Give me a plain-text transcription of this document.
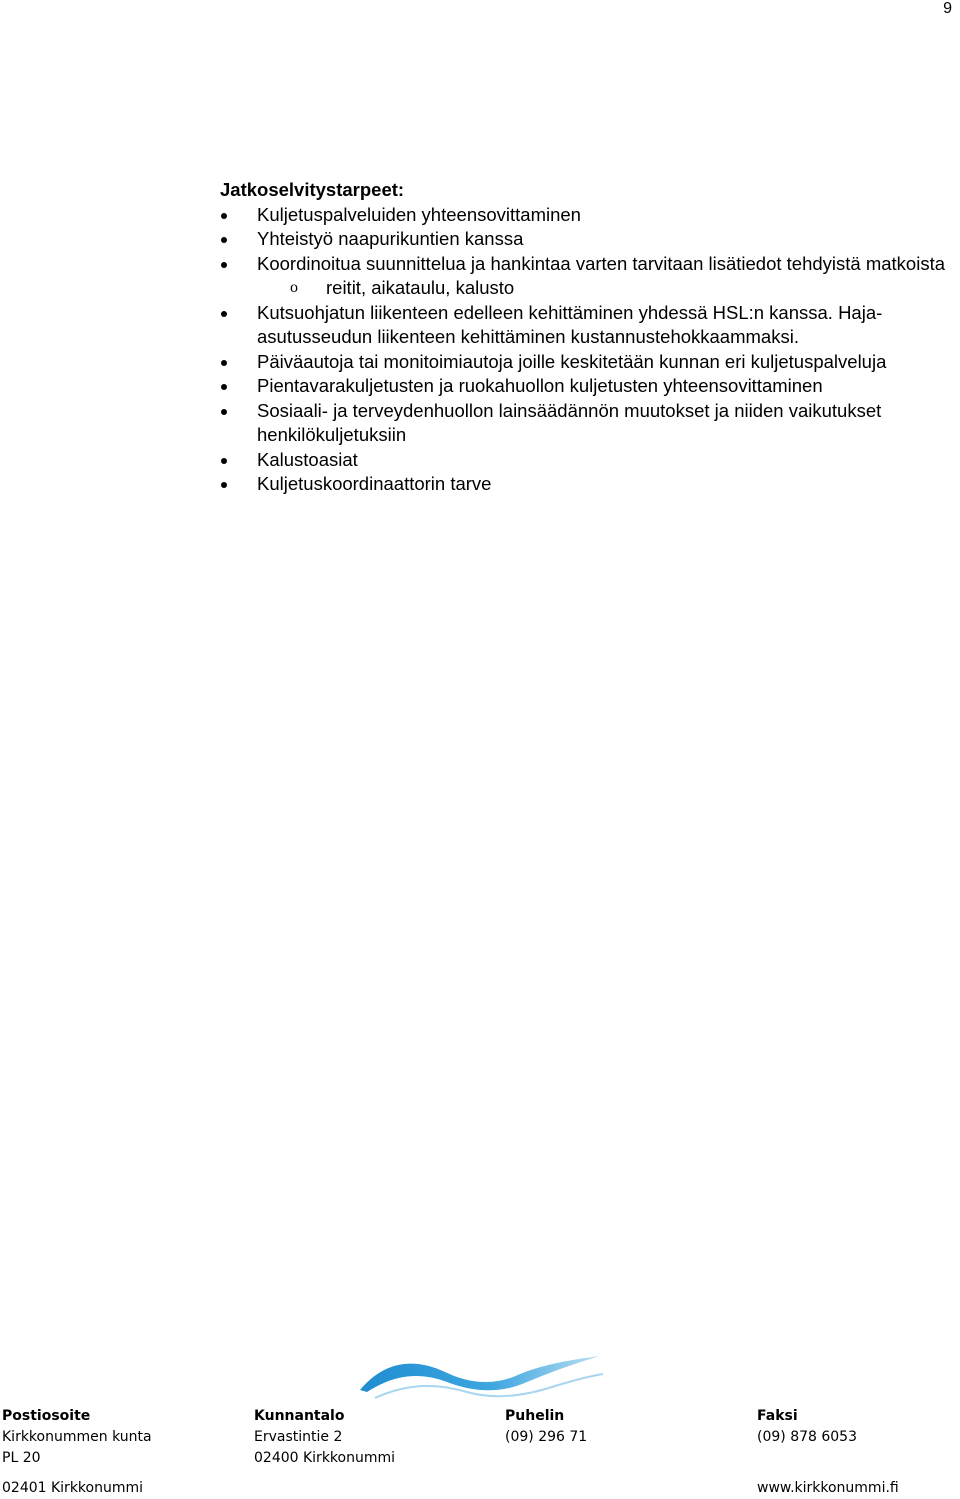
9
Jatkoselvitystarpeet:
Kuljetuspalveluiden yhteensovittaminen
Yhteistyö naapurikuntien kanssa
Koordinoitua suunnittelua ja hankintaa varten tarvitaan lisätiedot tehdyistä matkoista
o reitit, aikataulu, kalusto
Kutsuohjatun liikenteen edelleen kehittäminen yhdessä HSL:n kanssa. Haja-asutusseudun liikenteen kehittäminen kustannustehokkaammaksi.
Päiväautoja tai monitoimiautoja joille keskitetään kunnan eri kuljetuspalveluja
Pientavarakuljetusten ja ruokahuollon kuljetusten yhteensovittaminen
Sosiaali- ja terveydenhuollon lainsäädännön muutokset ja niiden vaikutukset henkilökuljetuksiin
Kalustoasiat
Kuljetuskoordinaattorin tarve
Postiosoite
Kirkkonummen kunta
PL 20
02401 Kirkkonummi
Kunnantalo
Ervastintie 2
02400 Kirkkonummi
Puhelin
(09) 296 71
Faksi
(09) 878 6053
www.kirkkonummi.fi
